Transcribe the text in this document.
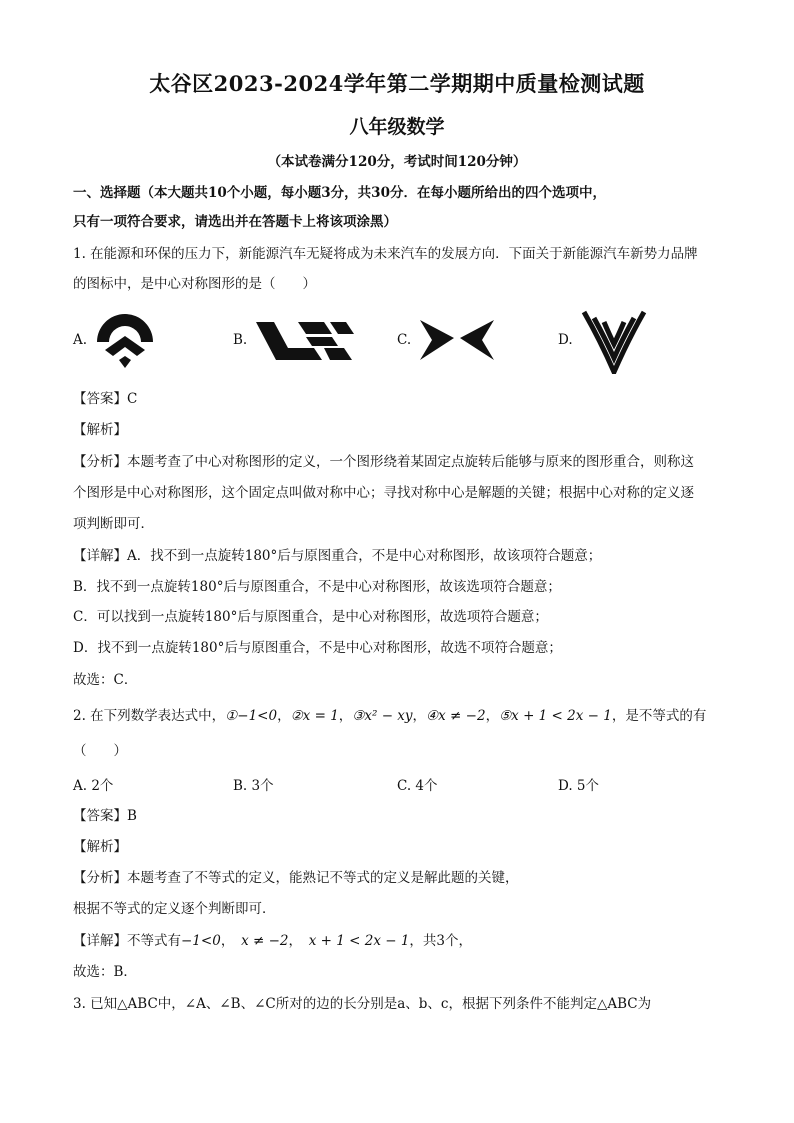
太谷区2023-2024学年第二学期期中质量检测试题
八年级数学
（本试卷满分120分，考试时间120分钟）
一、选择题（本大题共10个小题，每小题3分，共30分．在每小题所给出的四个选项中，
只有一项符合要求，请选出并在答题卡上将该项涂黑）
1. 在能源和环保的压力下，新能源汽车无疑将成为未来汽车的发展方向．下面关于新能源汽车新势力品牌
的图标中，是中心对称图形的是（　　）
A.	B.	C.	D.
【答案】C
【解析】
【分析】本题考查了中心对称图形的定义，一个图形绕着某固定点旋转后能够与原来的图形重合，则称这
个图形是中心对称图形，这个固定点叫做对称中心；寻找对称中心是解题的关键；根据中心对称的定义逐
项判断即可．
【详解】A．找不到一点旋转180°后与原图重合，不是中心对称图形，故该项符合题意；
B．找不到一点旋转180°后与原图重合，不是中心对称图形，故该选项符合题意；
C．可以找到一点旋转180°后与原图重合，是中心对称图形，故选项符合题意；
D．找不到一点旋转180°后与原图重合，不是中心对称图形，故选不项符合题意；
故选：C．
2. 在下列数学表达式中，①−1<0，②x = 1，③x² − xy，④x ≠ −2，⑤x + 1 < 2x − 1，是不等式的有
（　　）
A. 2个	B. 3个	C. 4个	D. 5个
【答案】B
【解析】
【分析】本题考查了不等式的定义，能熟记不等式的定义是解此题的关键，
根据不等式的定义逐个判断即可．
【详解】不等式有−1<0，　x ≠ −2，　x + 1 < 2x − 1，共3个，
故选：B．
3. 已知△ABC中，∠A、∠B、∠C所对的边的长分别是a、b、c，根据下列条件不能判定△ABC为
